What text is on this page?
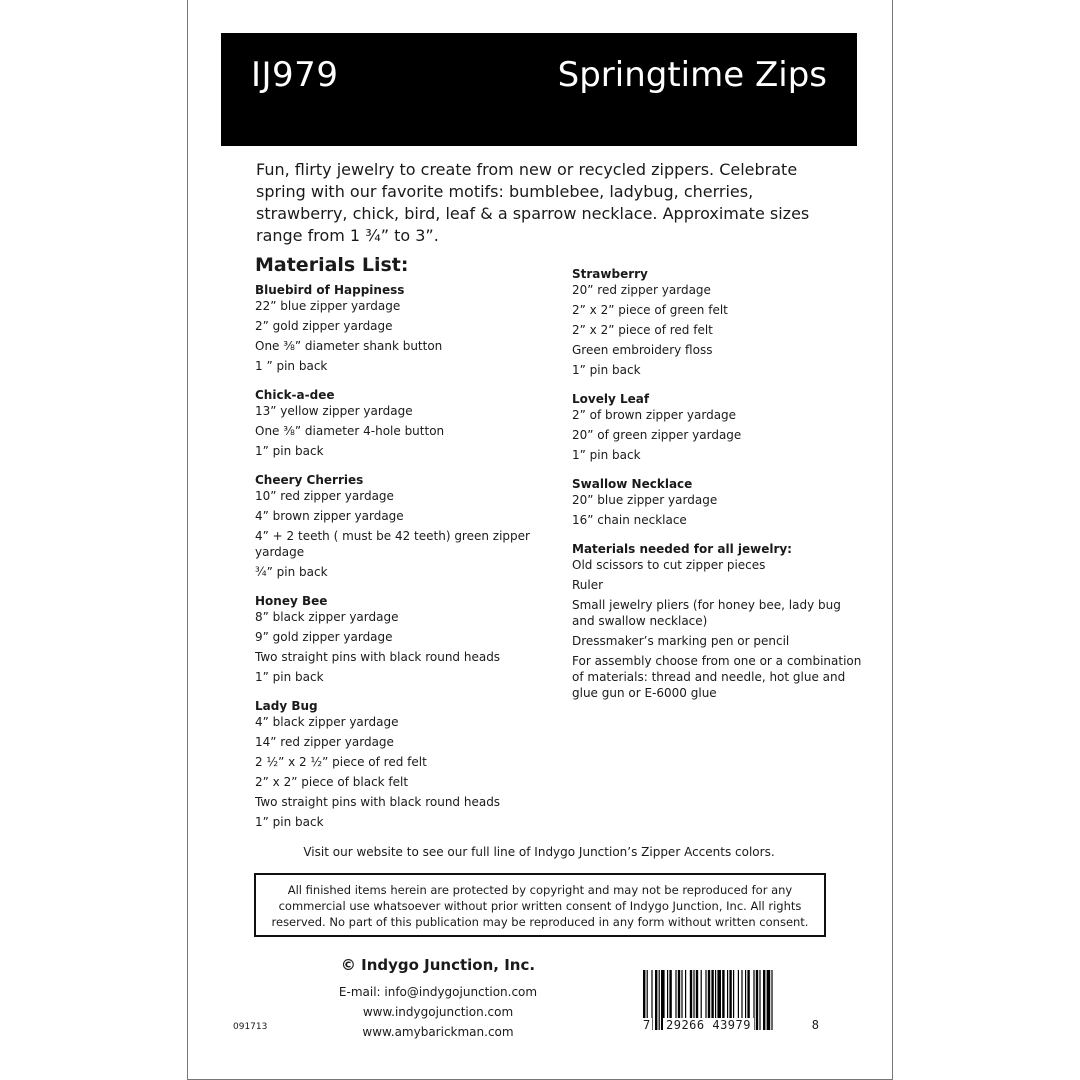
IJ979	Springtime Zips
Fun, flirty jewelry to create from new or recycled zippers. Celebrate spring with our favorite motifs: bumblebee, ladybug, cherries, strawberry, chick, bird, leaf & a sparrow necklace. Approximate sizes range from 1 ¾” to 3”.
Materials List:
Bluebird of Happiness
22” blue zipper yardage
2” gold zipper yardage
One ⅜” diameter shank button
1 ” pin back
Chick-a-dee
13” yellow zipper yardage
One ⅜” diameter 4-hole button
1” pin back
Cheery Cherries
10” red zipper yardage
4” brown zipper yardage
4” + 2 teeth ( must be 42 teeth) green zipper yardage
¾” pin back
Honey Bee
8” black zipper yardage
9” gold zipper yardage
Two straight pins with black round heads
1” pin back
Lady Bug
4” black zipper yardage
14” red zipper yardage
2 ½” x 2 ½” piece of red felt
2” x 2” piece of black felt
Two straight pins with black round heads
1” pin back
Strawberry
20” red zipper yardage
2” x 2” piece of green felt
2” x 2” piece of red felt
Green embroidery floss
1” pin back
Lovely Leaf
2” of brown zipper yardage
20” of green zipper yardage
1” pin back
Swallow Necklace
20” blue zipper yardage
16” chain necklace
Materials needed for all jewelry:
Old scissors to cut zipper pieces
Ruler
Small jewelry pliers (for honey bee, lady bug and swallow necklace)
Dressmaker’s marking pen or pencil
For assembly choose from one or a combination of materials: thread and needle, hot glue and glue gun or E-6000 glue
Visit our website to see our full line of Indygo Junction’s Zipper Accents colors.
All finished items herein are protected by copyright and may not be reproduced for any commercial use whatsoever without prior written consent of Indygo Junction, Inc. All rights reserved. No part of this publication may be reproduced in any form without written consent.
© Indygo Junction, Inc.
E-mail: info@indygojunction.com
www.indygojunction.com
www.amybarickman.com
091713	7 29266 43979	8
